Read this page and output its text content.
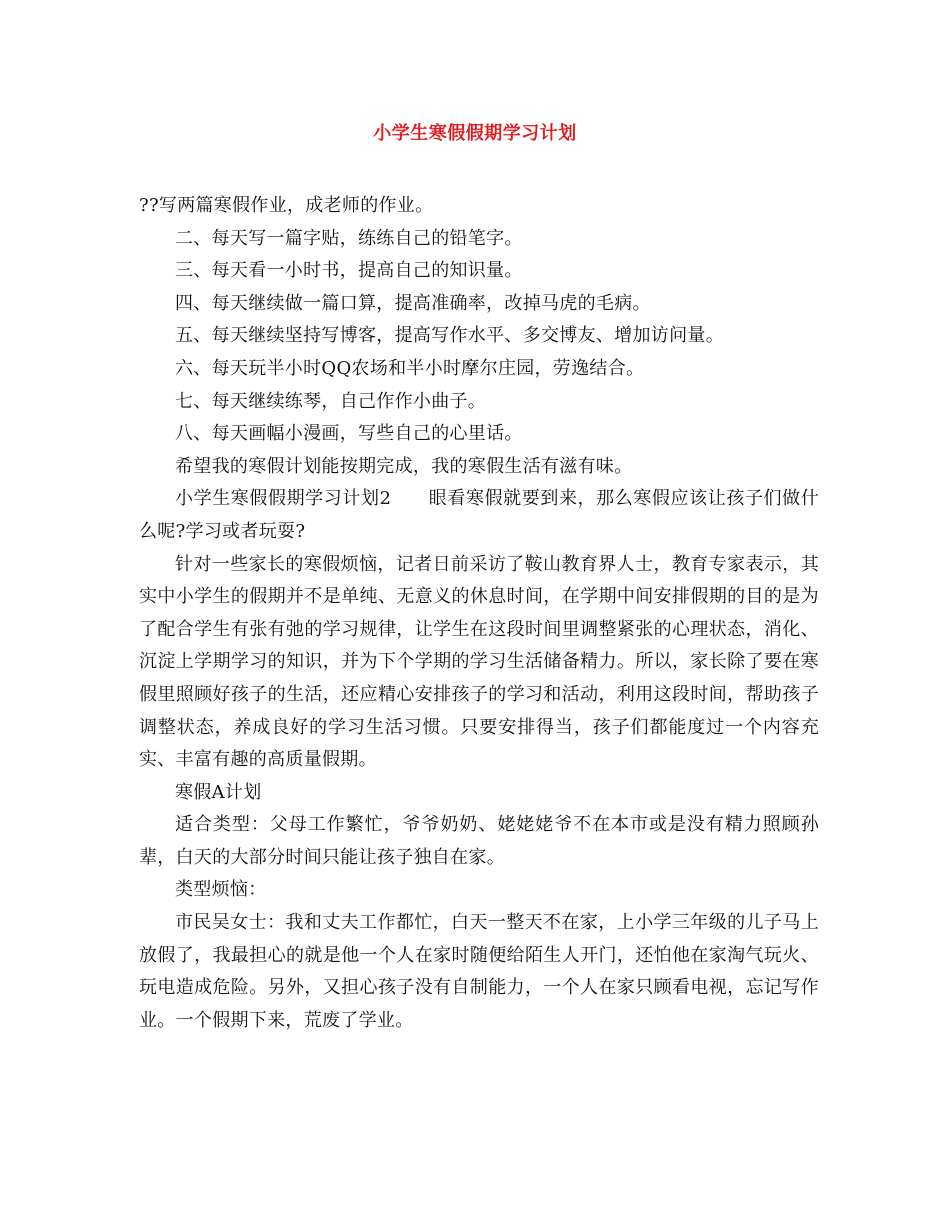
小学生寒假假期学习计划

??写两篇寒假作业，成老师的作业。

二、每天写一篇字贴，练练自己的铅笔字。

三、每天看一小时书，提高自己的知识量。

四、每天继续做一篇口算，提高准确率，改掉马虎的毛病。

五、每天继续坚持写博客，提高写作水平、多交博友、增加访问量。

六、每天玩半小时QQ农场和半小时摩尔庄园，劳逸结合。

七、每天继续练琴，自己作作小曲子。

八、每天画幅小漫画，写些自己的心里话。

希望我的寒假计划能按期完成，我的寒假生活有滋有味。

小学生寒假假期学习计划2　　眼看寒假就要到来，那么寒假应该让孩子们做什么呢?学习或者玩耍?

针对一些家长的寒假烦恼，记者日前采访了鞍山教育界人士，教育专家表示，其实中小学生的假期并不是单纯、无意义的休息时间，在学期中间安排假期的目的是为了配合学生有张有弛的学习规律，让学生在这段时间里调整紧张的心理状态，消化、沉淀上学期学习的知识，并为下个学期的学习生活储备精力。所以，家长除了要在寒假里照顾好孩子的生活，还应精心安排孩子的学习和活动，利用这段时间，帮助孩子调整状态，养成良好的学习生活习惯。只要安排得当，孩子们都能度过一个内容充实、丰富有趣的高质量假期。

寒假A计划

适合类型：父母工作繁忙，爷爷奶奶、姥姥姥爷不在本市或是没有精力照顾孙辈，白天的大部分时间只能让孩子独自在家。

类型烦恼：

市民吴女士：我和丈夫工作都忙，白天一整天不在家，上小学三年级的儿子马上放假了，我最担心的就是他一个人在家时随便给陌生人开门，还怕他在家淘气玩火、玩电造成危险。另外，又担心孩子没有自制能力，一个人在家只顾看电视，忘记写作业。一个假期下来，荒废了学业。
